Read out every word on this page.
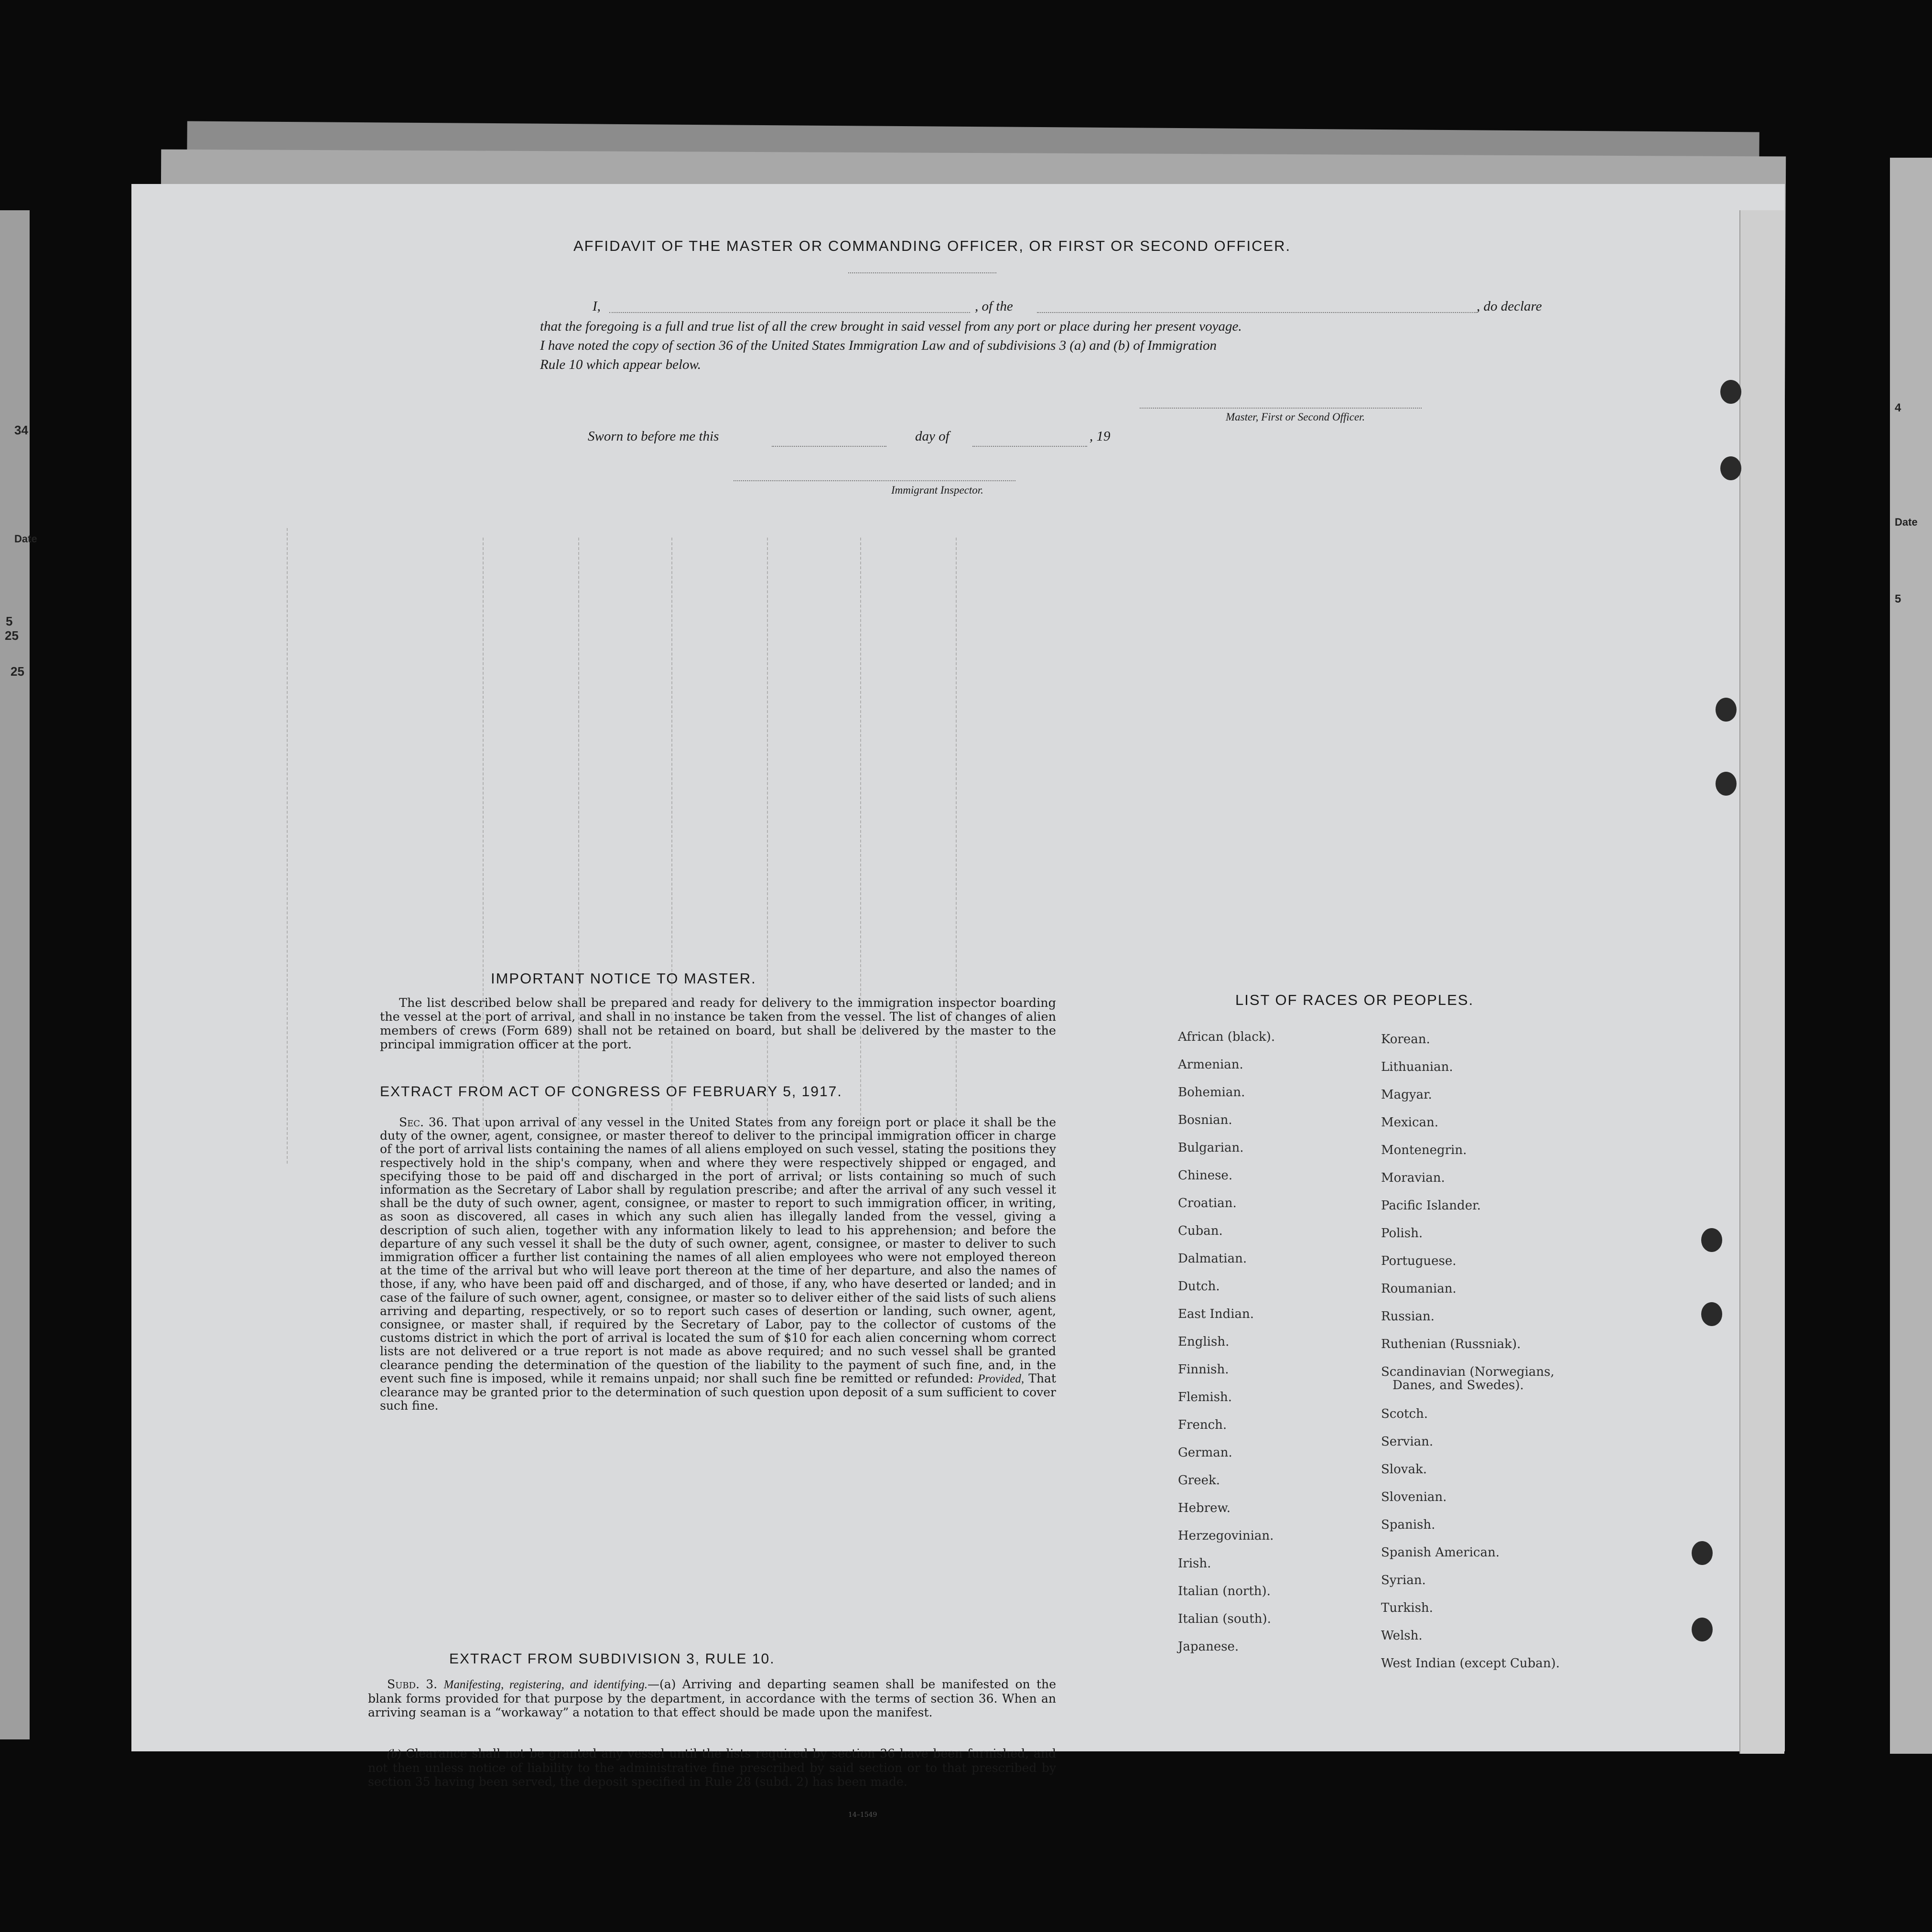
34
Date
5
25
25
4
Date
5
AFFIDAVIT OF THE MASTER OR COMMANDING OFFICER, OR FIRST OR SECOND OFFICER.
I,	, of the	, do declare
that the foregoing is a full and true list of all the crew brought in said vessel from any port or place during her present voyage.
I have noted the copy of section 36 of the United States Immigration Law and of subdivisions 3 (a) and (b) of Immigration
Rule 10 which appear below.
Master, First or Second Officer.
Sworn to before me this	day of	, 19
Immigrant Inspector.
IMPORTANT NOTICE TO MASTER.
The list described below shall be prepared and ready for delivery to the immigration inspector boarding the vessel at the port of arrival, and shall in no instance be taken from the vessel. The list of changes of alien members of crews (Form 689) shall not be retained on board, but shall be delivered by the master to the principal immigration officer at the port.
EXTRACT FROM ACT OF CONGRESS OF FEBRUARY 5, 1917.
Sec. 36. That upon arrival of any vessel in the United States from any foreign port or place it shall be the duty of the owner, agent, consignee, or master thereof to deliver to the principal immigration officer in charge of the port of arrival lists containing the names of all aliens employed on such vessel, stating the positions they respectively hold in the ship's company, when and where they were respectively shipped or engaged, and specifying those to be paid off and discharged in the port of arrival; or lists containing so much of such information as the Secretary of Labor shall by regulation prescribe; and after the arrival of any such vessel it shall be the duty of such owner, agent, consignee, or master to report to such immigration officer, in writing, as soon as discovered, all cases in which any such alien has illegally landed from the vessel, giving a description of such alien, together with any information likely to lead to his apprehension; and before the departure of any such vessel it shall be the duty of such owner, agent, consignee, or master to deliver to such immigration officer a further list containing the names of all alien employees who were not employed thereon at the time of the arrival but who will leave port thereon at the time of her departure, and also the names of those, if any, who have been paid off and discharged, and of those, if any, who have deserted or landed; and in case of the failure of such owner, agent, consignee, or master so to deliver either of the said lists of such aliens arriving and departing, respectively, or so to report such cases of desertion or landing, such owner, agent, consignee, or master shall, if required by the Secretary of Labor, pay to the collector of customs of the customs district in which the port of arrival is located the sum of $10 for each alien concerning whom correct lists are not delivered or a true report is not made as above required; and no such vessel shall be granted clearance pending the determination of the question of the liability to the payment of such fine, and, in the event such fine is imposed, while it remains unpaid; nor shall such fine be remitted or refunded: Provided, That clearance may be granted prior to the determination of such question upon deposit of a sum sufficient to cover such fine.
EXTRACT FROM SUBDIVISION 3, RULE 10.
Subd. 3. Manifesting, registering, and identifying.—(a) Arriving and departing seamen shall be manifested on the blank forms provided for that purpose by the department, in accordance with the terms of section 36. When an arriving seaman is a “workaway” a notation to that effect should be made upon the manifest.
(b) Clearance shall not be granted any vessel until the lists required by section 36 have been furnished, and not then unless notice of liability to the administrative fine prescribed by said section or to that prescribed by section 35 having been served, the deposit specified in Rule 28 (subd. 2) has been made.
14–1549
LIST OF RACES OR PEOPLES.
African (black).
Armenian.
Bohemian.
Bosnian.
Bulgarian.
Chinese.
Croatian.
Cuban.
Dalmatian.
Dutch.
East Indian.
English.
Finnish.
Flemish.
French.
German.
Greek.
Hebrew.
Herzegovinian.
Irish.
Italian (north).
Italian (south).
Japanese.
Korean.
Lithuanian.
Magyar.
Mexican.
Montenegrin.
Moravian.
Pacific Islander.
Polish.
Portuguese.
Roumanian.
Russian.
Ruthenian (Russniak).
Scandinavian (Norwegians,
Danes, and Swedes).
Scotch.
Servian.
Slovak.
Slovenian.
Spanish.
Spanish American.
Syrian.
Turkish.
Welsh.
West Indian (except Cuban).
